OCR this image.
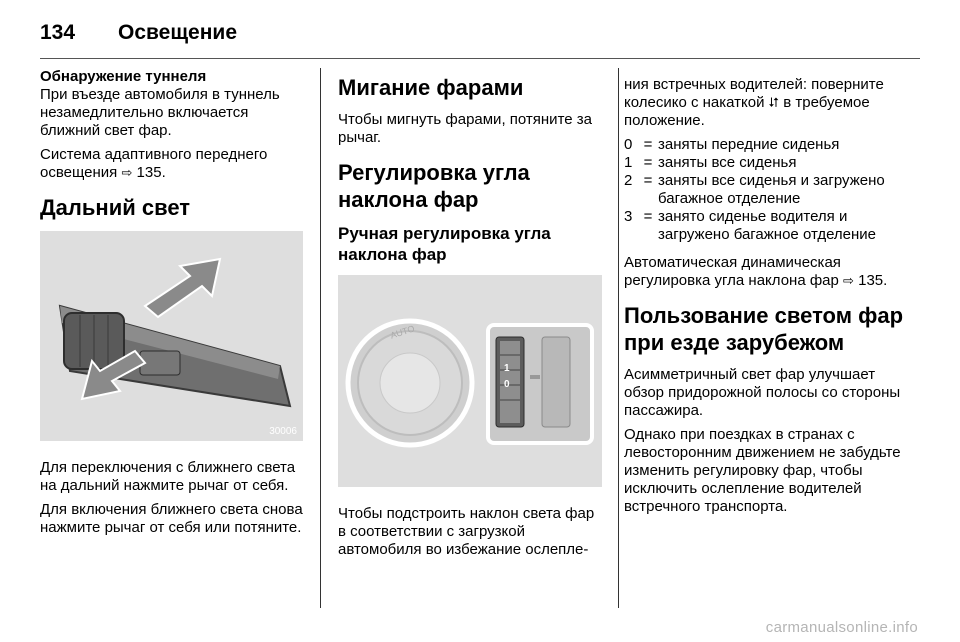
134	Освещение

Обнаружение туннеля

При въезде автомобиля в туннель незамедлительно включается ближний свет фар.

Система адаптивного переднего освещения ⇨ 135.

Дальний свет
30006

Для переключения с ближнего света на дальний нажмите рычаг от себя.

Для включения ближнего света снова нажмите рычаг от себя или потяните.

Мигание фарами

Чтобы мигнуть фарами, потяните за рычаг.

Регулировка угла наклона фар
Ручная регулировка угла наклона фар
AUTO
1
0

Чтобы подстроить наклон света фар в соответствии с загрузкой автомобиля во избежание ослепле-

ния встречных водителей: поверните колесико с накаткой ⮃ в требуемое положение.

0 = заняты передние сиденья
1 = заняты все сиденья
2 = заняты все сиденья и загружено багажное отделение
3 = занято сиденье водителя и загружено багажное отделение

Автоматическая динамическая регулировка угла наклона фар ⇨ 135.

Пользование светом фар при езде зарубежом

Асимметричный свет фар улучшает обзор придорожной полосы со стороны пассажира.

Однако при поездках в странах с левосторонним движением не забудьте изменить регулировку фар, чтобы исключить ослепление водителей встречного транспорта.

carmanualsonline.info
